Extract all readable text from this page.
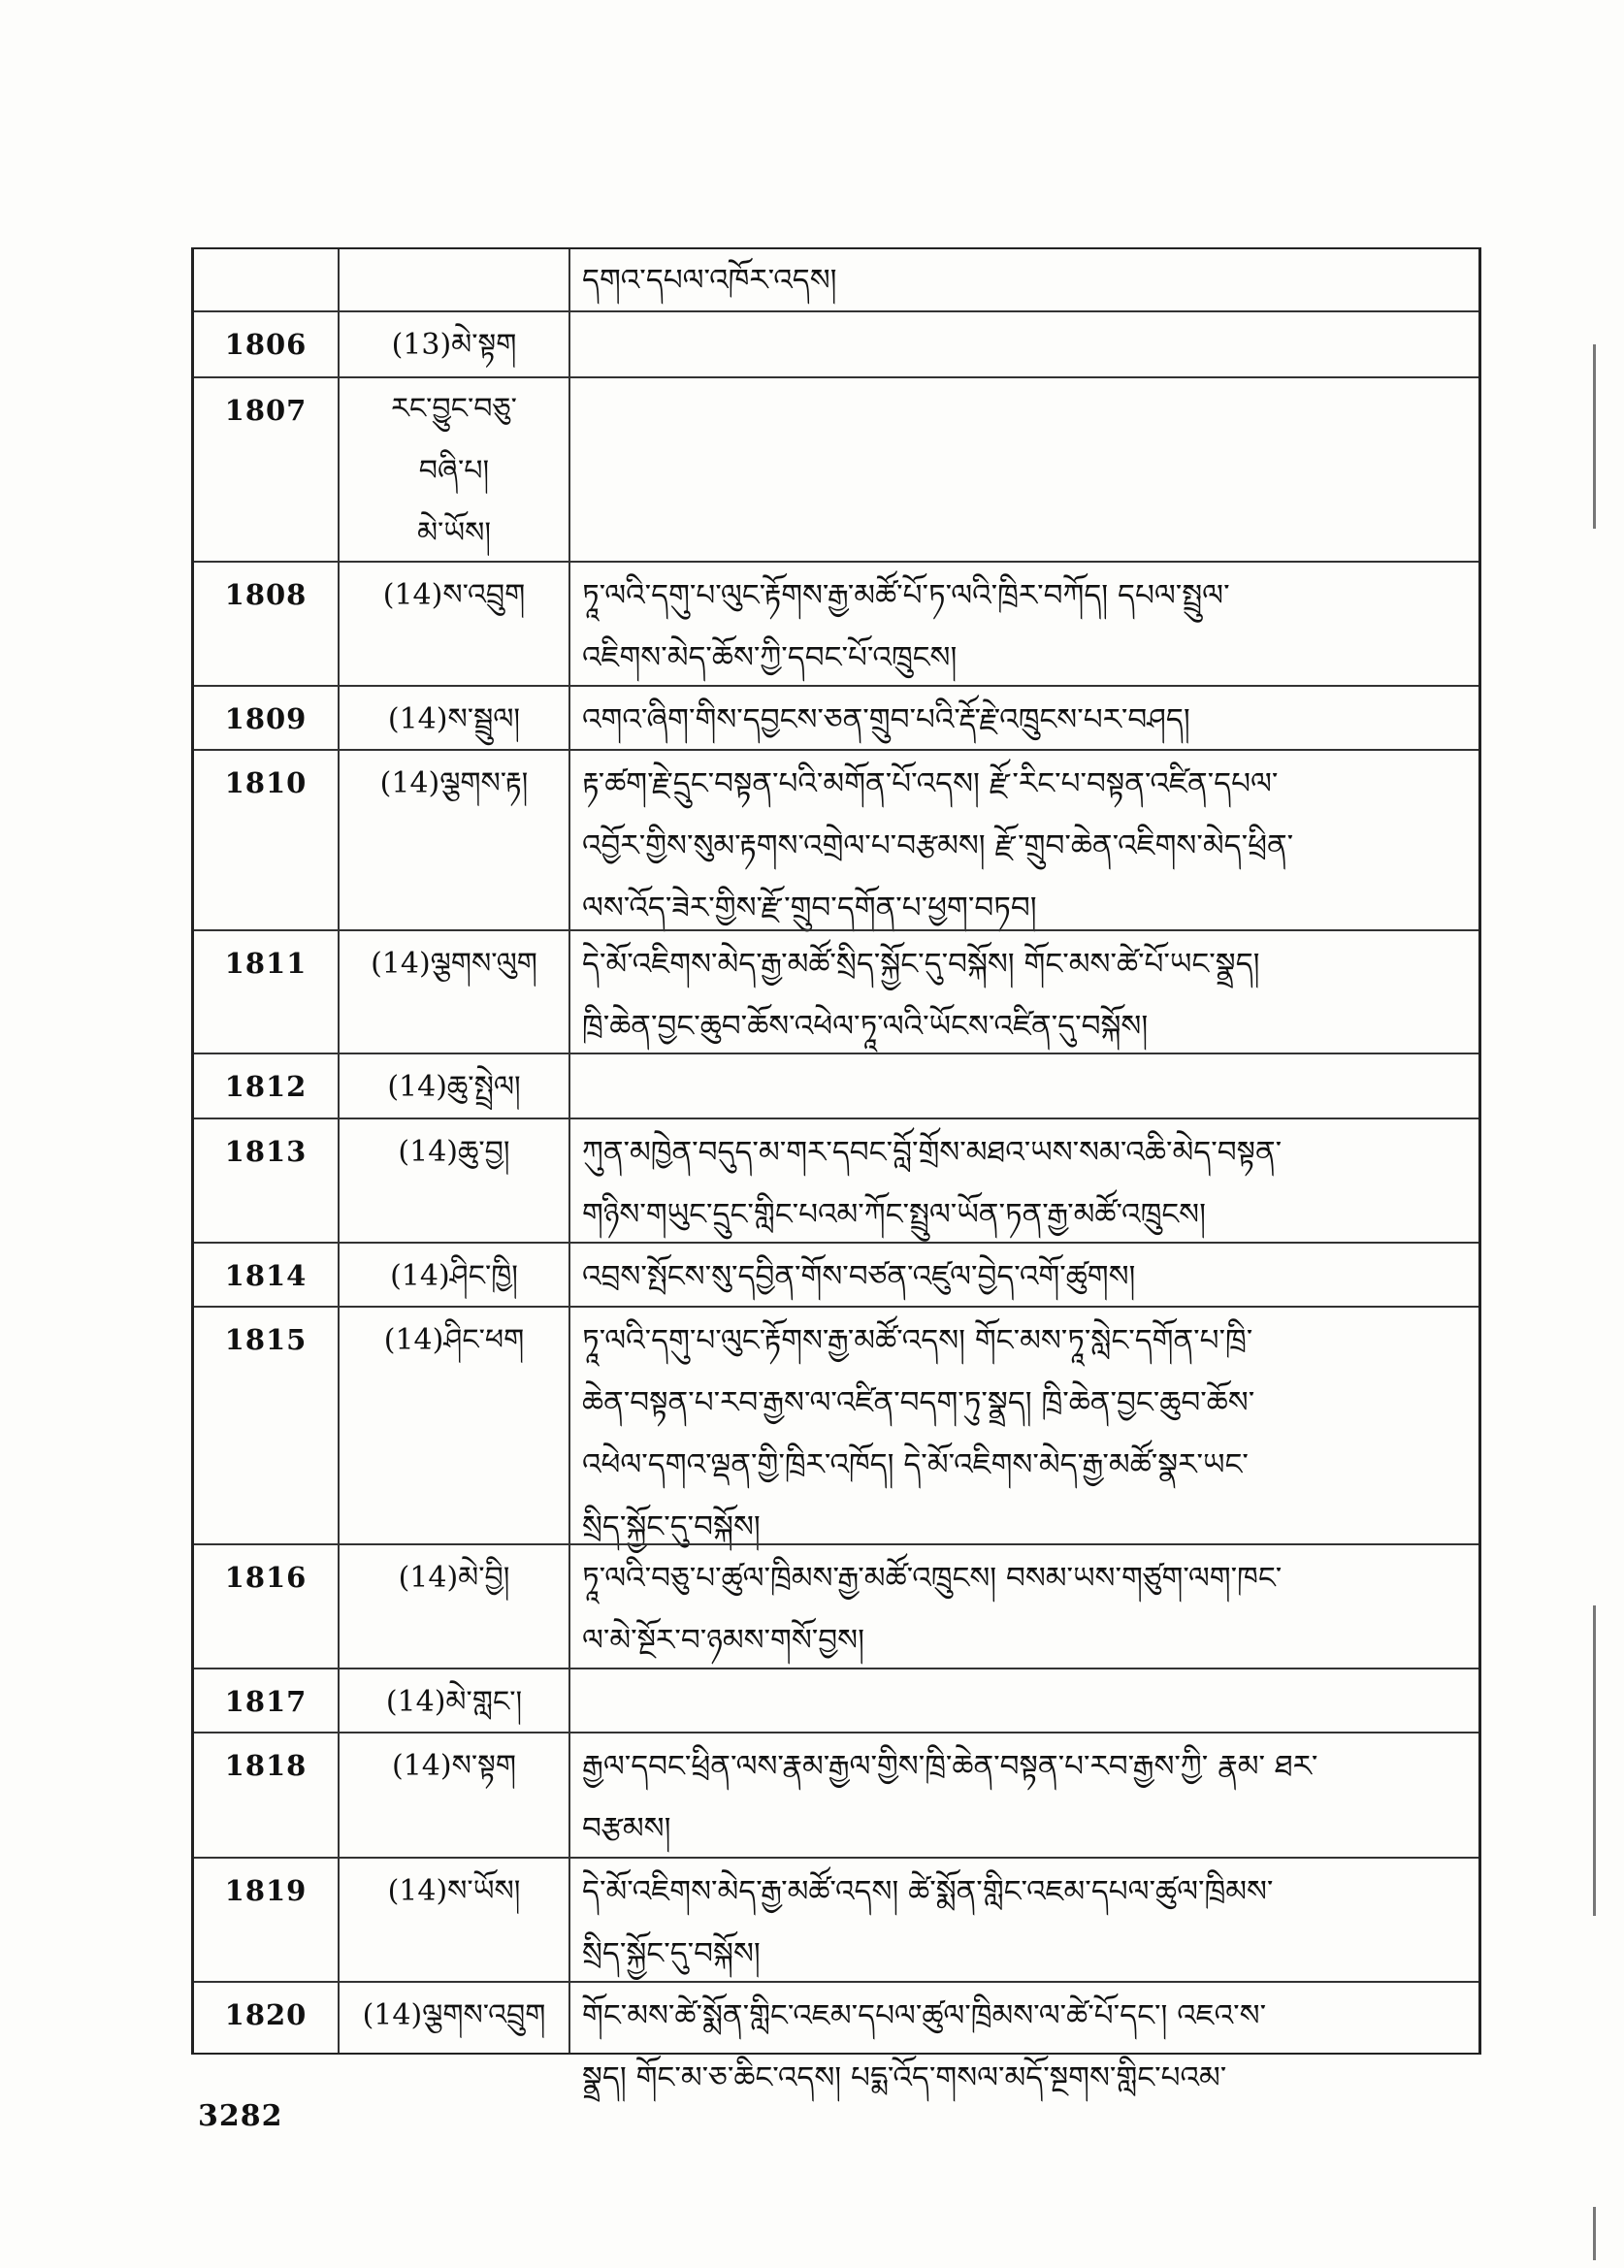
དགའ་དཔལ་འཁོར་འདས།
1806	(13)མེ་སྟག
1807	རང་བྱུང་བཅུ་
བཞི་པ།
མེ་ཡོས།
1808	(14)ས་འབྲུག	ཏཱ་ལའི་དགུ་པ་ལུང་རྟོགས་རྒྱ་མཚོ་པོ་ཏ་ལའི་ཁྲིར་བཀོད། དཔལ་སྤྲུལ་
འཇིགས་མེད་ཆོས་ཀྱི་དབང་པོ་འཁྲུངས།
1809	(14)ས་སྦྲུལ།	འགའ་ཞིག་གིས་དབྱངས་ཅན་གྲུབ་པའི་རྡོ་རྗེ་འཁྲུངས་པར་བཤད།
1810	(14)ལྕགས་རྟ།	རྟ་ཚག་རྗེ་དྲུང་བསྟན་པའི་མགོན་པོ་འདས། རྫོ་རིང་པ་བསྟན་འཛིན་དཔལ་
འབྱོར་གྱིས་སུམ་རྟགས་འགྲེལ་པ་བརྩམས། རྫོ་གྲུབ་ཆེན་འཇིགས་མེད་ཕྲིན་
ལས་འོད་ཟེར་གྱིས་རྫོ་གྲུབ་དགོན་པ་ཕྱག་བཏབ།
1811	(14)ལྕགས་ལུག	དེ་མོ་འཇིགས་མེད་རྒྱ་མཚོ་སྲིད་སྐྱོང་དུ་བསྐོས། གོང་མས་ཚེ་པོ་ཡང་སྣྲད།
ཁྲི་ཆེན་བྱང་ཆུབ་ཆོས་འཕེལ་ཏཱ་ལའི་ཡོངས་འཛིན་དུ་བསྐོས།
1812	(14)ཆུ་སྤྲེལ།
1813	(14)ཆུ་བྱ།	ཀུན་མཁྱེན་བདུད་མ་གར་དབང་བློ་གྲོས་མཐའ་ཡས་སམ་འཆི་མེད་བསྟན་
གཉིས་གཡུང་དྲུང་གླིང་པའམ་ཀོང་སྤྲུལ་ཡོན་ཏན་རྒྱ་མཚོ་འཁྲུངས།
1814	(14)ཤིང་ཁྱི།	འབྲས་སྤོངས་སུ་དབྱིན་གོས་བཙན་འཛུལ་བྱེད་འགོ་ཚུགས།
1815	(14)ཤིང་ཕག	ཏཱ་ལའི་དགུ་པ་ལུང་རྟོགས་རྒྱ་མཚོ་འདས། གོང་མས་ཏཱ་སླེང་དགོན་པ་ཁྲི་
ཆེན་བསྟན་པ་རབ་རྒྱས་ལ་འཛིན་བདག་ཏུ་སྣྲད། ཁྲི་ཆེན་བྱང་ཆུབ་ཆོས་
འཕེལ་དགའ་ལྡན་གྱི་ཁྲིར་འཁོད། དེ་མོ་འཇིགས་མེད་རྒྱ་མཚོ་སྣར་ཡང་
སྲིད་སྐྱོང་དུ་བསྐོས།
1816	(14)མེ་བྱི།	ཏཱ་ལའི་བཅུ་པ་ཚུལ་ཁྲིམས་རྒྱ་མཚོ་འཁྲུངས། བསམ་ཡས་གཙུག་ལག་ཁང་
ལ་མེ་སྔོར་བ་ཉམས་གསོ་བྱས།
1817	(14)མེ་གླང་།
1818	(14)ས་སྟག	རྒྱལ་དབང་ཕྲིན་ལས་རྣམ་རྒྱལ་གྱིས་ཁྲི་ཆེན་བསྟན་པ་རབ་རྒྱས་ཀྱི་ རྣམ་ ཐར་
བརྩམས།
1819	(14)ས་ཡོས།	དེ་མོ་འཇིགས་མེད་རྒྱ་མཚོ་འདས། ཚེ་སྨོན་གླིང་འཇམ་དཔལ་ཚུལ་ཁྲིམས་
སྲིད་སྐྱོང་དུ་བསྐོས།
1820	(14)ལྕགས་འབྲུག	གོང་མས་ཚེ་སྨོན་གླིང་འཇམ་དཔལ་ཚུལ་ཁྲིམས་ལ་ཚེ་པོ་དང་། འཇའ་ས་
སྣྲད། གོང་མ་ཅ་ཆིང་འདས། པདྨ་འོད་གསལ་མདོ་སྔགས་གླིང་པའམ་
3282
